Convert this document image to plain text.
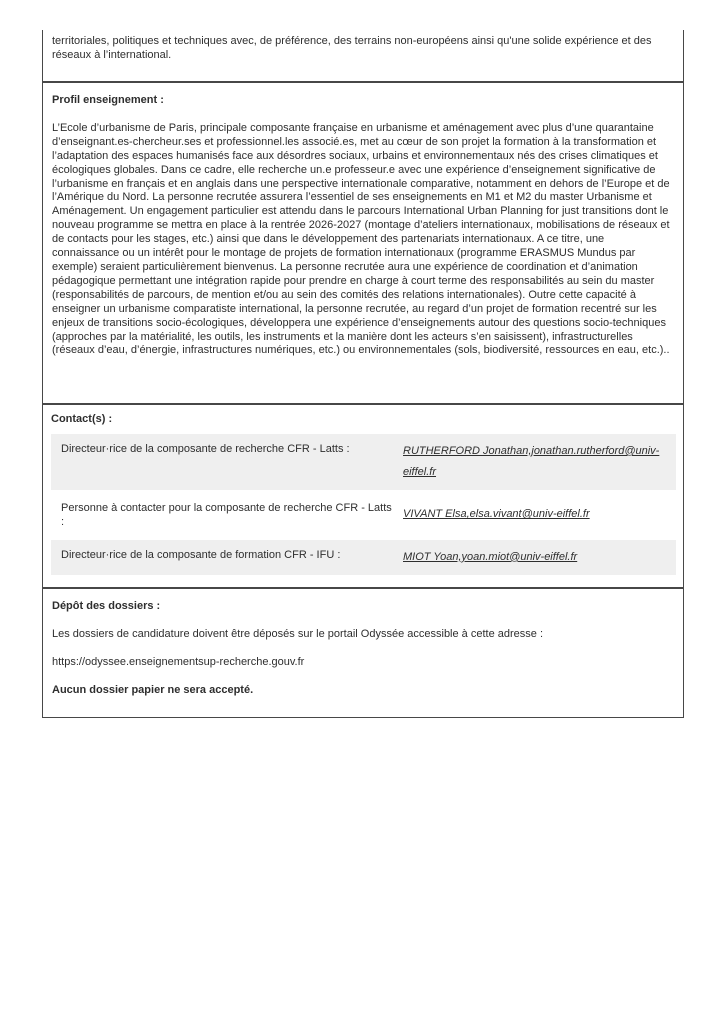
territoriales, politiques et techniques avec, de préférence, des terrains non-européens ainsi qu'une solide expérience et des réseaux à l’international.

Profil enseignement :

L’Ecole d’urbanisme de Paris, principale composante française en urbanisme et aménagement avec plus d’une quarantaine d’enseignant.es-chercheur.ses et professionnel.les associé.es, met au cœur de son projet la formation à la transformation et l’adaptation des espaces humanisés face aux désordres sociaux, urbains et environnementaux nés des crises climatiques et écologiques globales. Dans ce cadre, elle recherche un.e professeur.e avec une expérience d’enseignement significative de l’urbanisme en français et en anglais dans une perspective internationale comparative, notamment en dehors de l’Europe et de l’Amérique du Nord. La personne recrutée assurera l’essentiel de ses enseignements en M1 et M2 du master Urbanisme et Aménagement. Un engagement particulier est attendu dans le parcours International Urban Planning for just transitions dont le nouveau programme se mettra en place à la rentrée 2026-2027 (montage d’ateliers internationaux, mobilisations de réseaux et de contacts pour les stages, etc.) ainsi que dans le développement des partenariats internationaux. A ce titre, une connaissance ou un intérêt pour le montage de projets de formation internationaux (programme ERASMUS Mundus par exemple) seraient particulièrement bienvenus. La personne recrutée aura une expérience de coordination et d’animation pédagogique permettant une intégration rapide pour prendre en charge à court terme des responsabilités au sein du master (responsabilités de parcours, de mention et/ou au sein des comités des relations internationales). Outre cette capacité à enseigner un urbanisme comparatiste international, la personne recrutée, au regard d’un projet de formation recentré sur les enjeux de transitions socio-écologiques, développera une expérience d’enseignements autour des questions socio-techniques (approches par la matérialité, les outils, les instruments et la manière dont les acteurs s’en saisissent), infrastructurelles (réseaux d’eau, d’énergie, infrastructures numériques, etc.) ou environnementales (sols, biodiversité, ressources en eau, etc.)..

Contact(s) :

Directeur·rice de la composante de recherche CFR - Latts :	RUTHERFORD Jonathan,jonathan.rutherford@univ-eiffel.fr
Personne à contacter pour la composante de recherche CFR - Latts :
VIVANT Elsa,elsa.vivant@univ-eiffel.fr
Directeur·rice de la composante de formation CFR - IFU :	MIOT Yoan,yoan.miot@univ-eiffel.fr

Dépôt des dossiers :

Les dossiers de candidature doivent être déposés sur le portail Odyssée accessible à cette adresse :

https://odyssee.enseignementsup-recherche.gouv.fr

Aucun dossier papier ne sera accepté.
